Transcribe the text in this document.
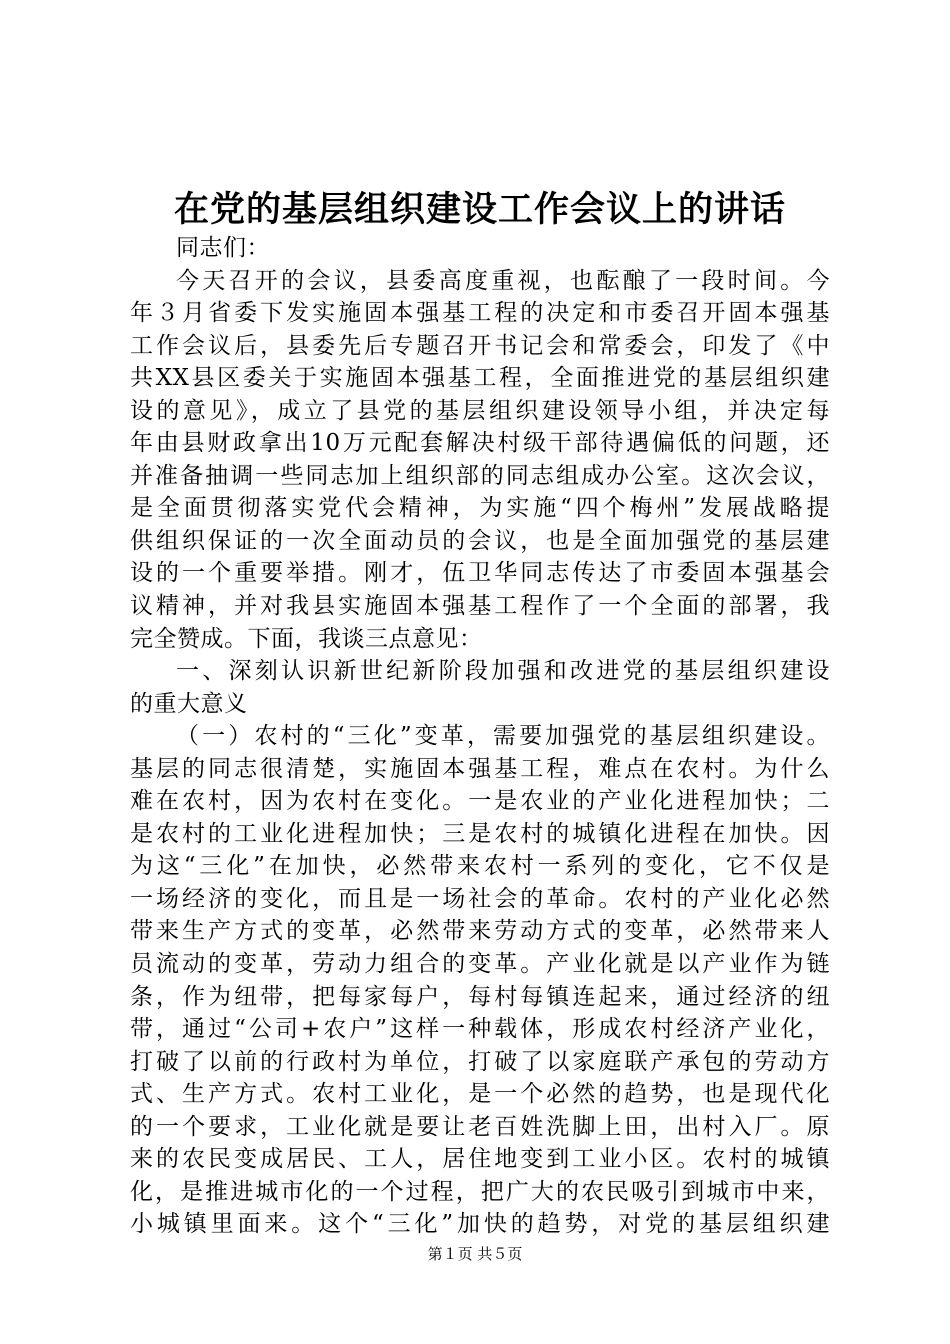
在党的基层组织建设工作会议上的讲话
同志们：
今天召开的会议，县委高度重视，也酝酿了一段时间。今
年３月省委下发实施固本强基工程的决定和市委召开固本强基
工作会议后，县委先后专题召开书记会和常委会，印发了《中
共XX县区委关于实施固本强基工程，全面推进党的基层组织建
设的意见》，成立了县党的基层组织建设领导小组，并决定每
年由县财政拿出10万元配套解决村级干部待遇偏低的问题，还
并准备抽调一些同志加上组织部的同志组成办公室。这次会议，
是全面贯彻落实党代会精神，为实施“四个梅州”发展战略提
供组织保证的一次全面动员的会议，也是全面加强党的基层建
设的一个重要举措。刚才，伍卫华同志传达了市委固本强基会
议精神，并对我县实施固本强基工程作了一个全面的部署，我
完全赞成。下面，我谈三点意见：
一、深刻认识新世纪新阶段加强和改进党的基层组织建设
的重大意义
（一）农村的“三化”变革，需要加强党的基层组织建设。
基层的同志很清楚，实施固本强基工程，难点在农村。为什么
难在农村，因为农村在变化。一是农业的产业化进程加快；二
是农村的工业化进程加快；三是农村的城镇化进程在加快。因
为这“三化”在加快，必然带来农村一系列的变化，它不仅是
一场经济的变化，而且是一场社会的革命。农村的产业化必然
带来生产方式的变革，必然带来劳动方式的变革，必然带来人
员流动的变革，劳动力组合的变革。产业化就是以产业作为链
条，作为纽带，把每家每户，每村每镇连起来，通过经济的纽
带，通过“公司+农户”这样一种载体，形成农村经济产业化，
打破了以前的行政村为单位，打破了以家庭联产承包的劳动方
式、生产方式。农村工业化，是一个必然的趋势，也是现代化
的一个要求，工业化就是要让老百姓洗脚上田，出村入厂。原
来的农民变成居民、工人，居住地变到工业小区。农村的城镇
化，是推进城市化的一个过程，把广大的农民吸引到城市中来，
小城镇里面来。这个“三化”加快的趋势，对党的基层组织建
第１页 共５页
